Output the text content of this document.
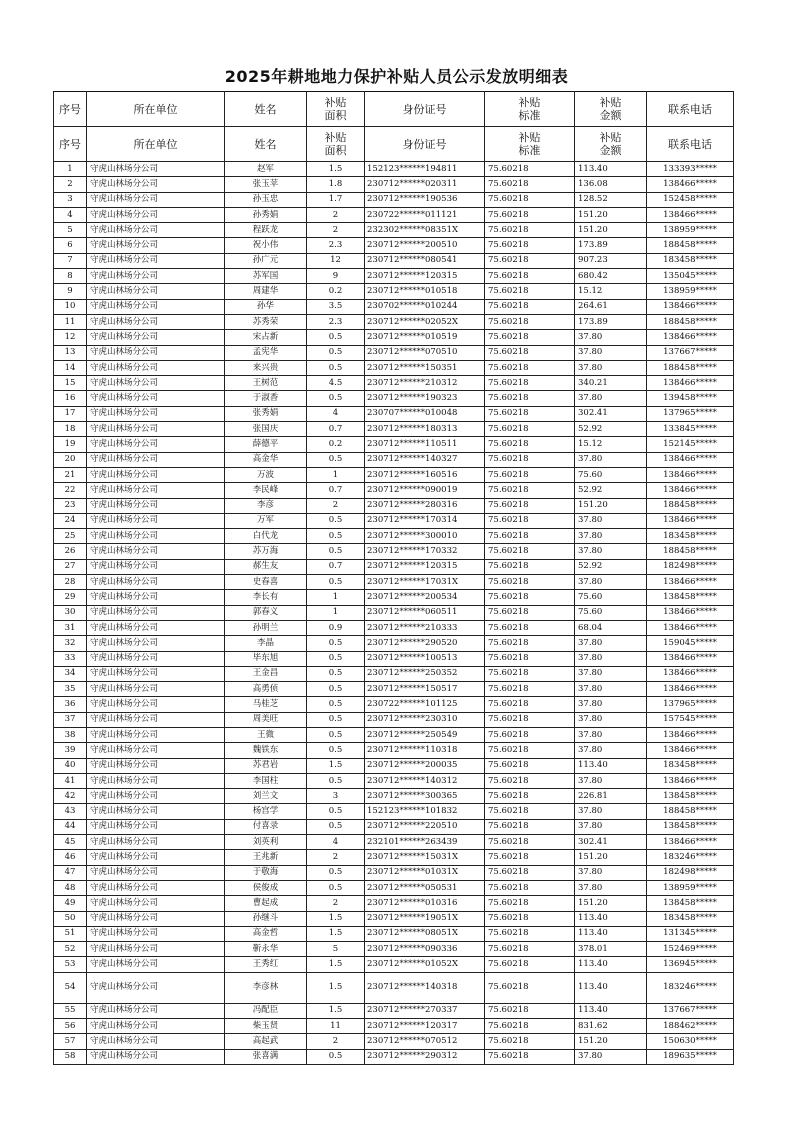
2025年耕地地力保护补贴人员公示发放明细表
序号	所在单位	姓名	补贴面积	身份证号	补贴标准	补贴金额	联系电话
序号	所在单位	姓名	补贴面积	身份证号	补贴标准	补贴金额	联系电话
1	守虎山林场分公司	赵军	1.5	152123******194811	75.60218	113.40	133393*****
2	守虎山林场分公司	张玉苹	1.8	230712******020311	75.60218	136.08	138466*****
3	守虎山林场分公司	孙玉忠	1.7	230712******190536	75.60218	128.52	152458*****
4	守虎山林场分公司	孙秀娟	2	230722******011121	75.60218	151.20	138466*****
5	守虎山林场分公司	程跃龙	2	232302******08351X	75.60218	151.20	138959*****
6	守虎山林场分公司	祝小伟	2.3	230712******200510	75.60218	173.89	188458*****
7	守虎山林场分公司	孙广元	12	230712******080541	75.60218	907.23	183458*****
8	守虎山林场分公司	苏军国	9	230712******120315	75.60218	680.42	135045*****
9	守虎山林场分公司	周建华	0.2	230712******010518	75.60218	15.12	138959*****
10	守虎山林场分公司	孙华	3.5	230702******010244	75.60218	264.61	138466*****
11	守虎山林场分公司	苏秀荣	2.3	230712******02052X	75.60218	173.89	188458*****
12	守虎山林场分公司	宋占新	0.5	230712******010519	75.60218	37.80	138466*****
13	守虎山林场分公司	孟宪华	0.5	230712******070510	75.60218	37.80	137667*****
14	守虎山林场分公司	来兴贵	0.5	230712******150351	75.60218	37.80	188458*****
15	守虎山林场分公司	王树范	4.5	230712******210312	75.60218	340.21	138466*****
16	守虎山林场分公司	于淑香	0.5	230712******190323	75.60218	37.80	139458*****
17	守虎山林场分公司	张秀娟	4	230707******010048	75.60218	302.41	137965*****
18	守虎山林场分公司	张国庆	0.7	230712******180313	75.60218	52.92	133845*****
19	守虎山林场分公司	薛德平	0.2	230712******110511	75.60218	15.12	152145*****
20	守虎山林场分公司	高金华	0.5	230712******140327	75.60218	37.80	138466*****
21	守虎山林场分公司	万波	1	230712******160516	75.60218	75.60	138466*****
22	守虎山林场分公司	李民峰	0.7	230712******090019	75.60218	52.92	138466*****
23	守虎山林场分公司	李彦	2	230712******280316	75.60218	151.20	188458*****
24	守虎山林场分公司	万军	0.5	230712******170314	75.60218	37.80	138466*****
25	守虎山林场分公司	白代龙	0.5	230712******300010	75.60218	37.80	183458*****
26	守虎山林场分公司	苏万海	0.5	230712******170332	75.60218	37.80	188458*****
27	守虎山林场分公司	郝生友	0.7	230712******120315	75.60218	52.92	182498*****
28	守虎山林场分公司	史春喜	0.5	230712******17031X	75.60218	37.80	138466*****
29	守虎山林场分公司	李长有	1	230712******200534	75.60218	75.60	138458*****
30	守虎山林场分公司	郭春义	1	230712******060511	75.60218	75.60	138466*****
31	守虎山林场分公司	孙明兰	0.9	230712******210333	75.60218	68.04	138466*****
32	守虎山林场分公司	李晶	0.5	230712******290520	75.60218	37.80	159045*****
33	守虎山林场分公司	毕东旭	0.5	230712******100513	75.60218	37.80	138466*****
34	守虎山林场分公司	王金昌	0.5	230712******250352	75.60218	37.80	138466*****
35	守虎山林场分公司	高勇侦	0.5	230712******150517	75.60218	37.80	138466*****
36	守虎山林场分公司	马桂芝	0.5	230722******101125	75.60218	37.80	137965*****
37	守虎山林场分公司	周美旺	0.5	230712******230310	75.60218	37.80	157545*****
38	守虎山林场分公司	王微	0.5	230712******250549	75.60218	37.80	138466*****
39	守虎山林场分公司	魏铁东	0.5	230712******110318	75.60218	37.80	138466*****
40	守虎山林场分公司	苏君岩	1.5	230712******200035	75.60218	113.40	183458*****
41	守虎山林场分公司	李国柱	0.5	230712******140312	75.60218	37.80	138466*****
42	守虎山林场分公司	刘兰文	3	230712******300365	75.60218	226.81	138458*****
43	守虎山林场分公司	杨宫学	0.5	152123******101832	75.60218	37.80	188458*****
44	守虎山林场分公司	付喜录	0.5	230712******220510	75.60218	37.80	138458*****
45	守虎山林场分公司	刘英利	4	232101******263439	75.60218	302.41	138466*****
46	守虎山林场分公司	王兆新	2	230712******15031X	75.60218	151.20	183246*****
47	守虎山林场分公司	于敬海	0.5	230712******01031X	75.60218	37.80	182498*****
48	守虎山林场分公司	侯俊成	0.5	230712******050531	75.60218	37.80	138959*****
49	守虎山林场分公司	曹起成	2	230712******010316	75.60218	151.20	138458*****
50	守虎山林场分公司	孙继斗	1.5	230712******19051X	75.60218	113.40	183458*****
51	守虎山林场分公司	高金哲	1.5	230712******08051X	75.60218	113.40	131345*****
52	守虎山林场分公司	靳永华	5	230712******090336	75.60218	378.01	152469*****
53	守虎山林场分公司	王秀红	1.5	230712******01052X	75.60218	113.40	136945*****
54	守虎山林场分公司	李彦林	1.5	230712******140318	75.60218	113.40	183246*****
55	守虎山林场分公司	冯配臣	1.5	230712******270337	75.60218	113.40	137667*****
56	守虎山林场分公司	柴玉贤	11	230712******120317	75.60218	831.62	188462*****
57	守虎山林场分公司	高起武	2	230712******070512	75.60218	151.20	150630*****
58	守虎山林场分公司	张喜满	0.5	230712******290312	75.60218	37.80	189635*****
